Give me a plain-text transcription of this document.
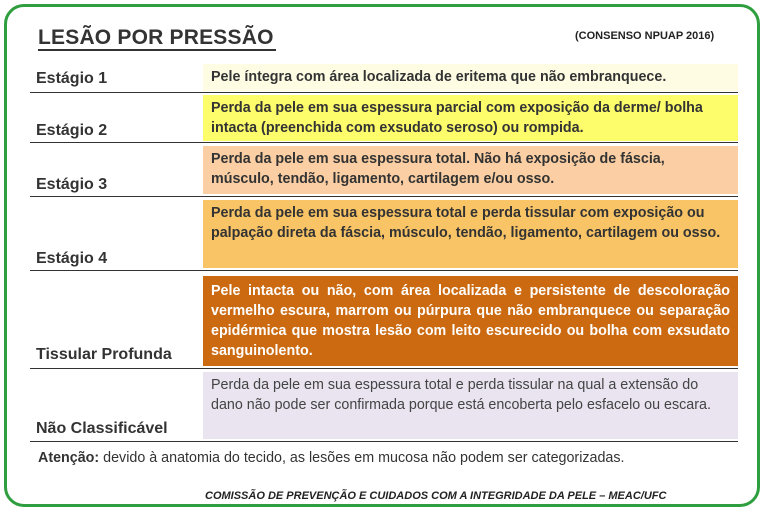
LESÃO POR PRESSÃO	(CONSENSO NPUAP 2016)
Estágio 1	Pele íntegra com área localizada de eritema que não embranquece.
Estágio 2
Perda da pele em sua espessura parcial com exposição da derme/ bolha intacta (preenchida com exsudato seroso) ou rompida.
Estágio 3
Perda da pele em sua espessura total. Não há exposição de fáscia, músculo, tendão, ligamento, cartilagem e/ou osso.
Estágio 4
Perda da pele em sua espessura total e perda tissular com exposição ou palpação direta da fáscia, músculo, tendão, ligamento, cartilagem ou osso.
Tissular Profunda
Pele intacta ou não, com área localizada e persistente de descoloração vermelho escura, marrom ou púrpura que não embranquece ou separação epidérmica que mostra lesão com leito escurecido ou bolha com exsudato sanguinolento.
Não Classificável
Perda da pele em sua espessura total e perda tissular na qual a extensão do dano não pode ser confirmada porque está encoberta pelo esfacelo ou escara.
Atenção: devido à anatomia do tecido, as lesões em mucosa não podem ser categorizadas.
COMISSÃO DE PREVENÇÃO E CUIDADOS COM A INTEGRIDADE DA PELE – MEAC/UFC
